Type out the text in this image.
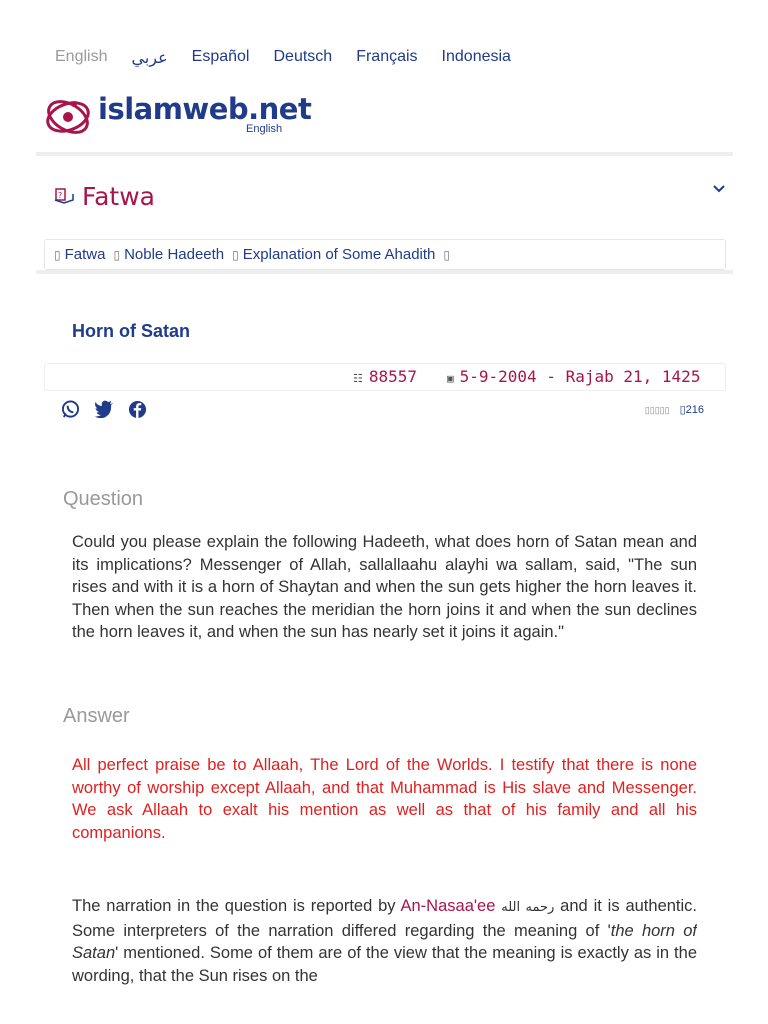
English عربي Español Deutsch Français Indonesia
islamweb.net
English
? Fatwa
▯ Fatwa ▯ Noble Hadeeth ▯ Explanation of Some Ahadith ▯
Horn of Satan
☷ 88557	▣ 5-9-2004 - Rajab 21, 1425
▯▯▯▯▯ ▯216
Question
Could you please explain the following Hadeeth, what does horn of Satan mean and its implications? Messenger of Allah, sallallaahu alayhi wa sallam, said, "The sun rises and with it is a horn of Shaytan and when the sun gets higher the horn leaves it. Then when the sun reaches the meridian the horn joins it and when the sun declines the horn leaves it, and when the sun has nearly set it joins it again."
Answer
All perfect praise be to Allaah, The Lord of the Worlds. I testify that there is none worthy of worship except Allaah, and that Muhammad is His slave and Messenger. We ask Allaah to exalt his mention as well as that of his family and all his companions.
The narration in the question is reported by An-Nasaa'ee رحمه الله and it is authentic. Some interpreters of the narration differed regarding the meaning of 'the horn of Satan' mentioned. Some of them are of the view that the meaning is exactly as in the wording, that the Sun rises on the
